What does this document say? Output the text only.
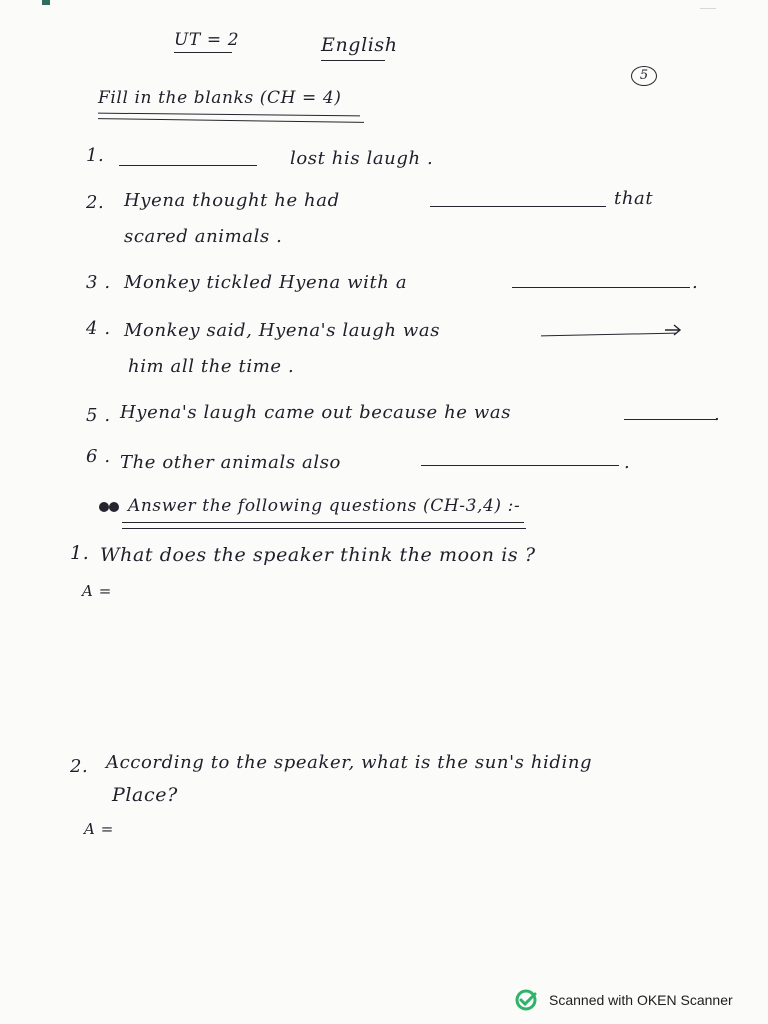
UT = 2	English
5
Fill in the blanks (CH = 4)
1.	lost his laugh .
2. Hyena thought he had	that
scared animals .
3 . Monkey tickled Hyena with a	.
4 . Monkey said, Hyena's laugh was
him all the time .
5 . Hyena's laugh came out because he was	.
6 . The other animals also	.
Answer the following questions (CH-3,4) :-
1. What does the speaker think the moon is ?
A =
2. According to the speaker, what is the sun's hiding
Place?
A =
Scanned with OKEN Scanner
